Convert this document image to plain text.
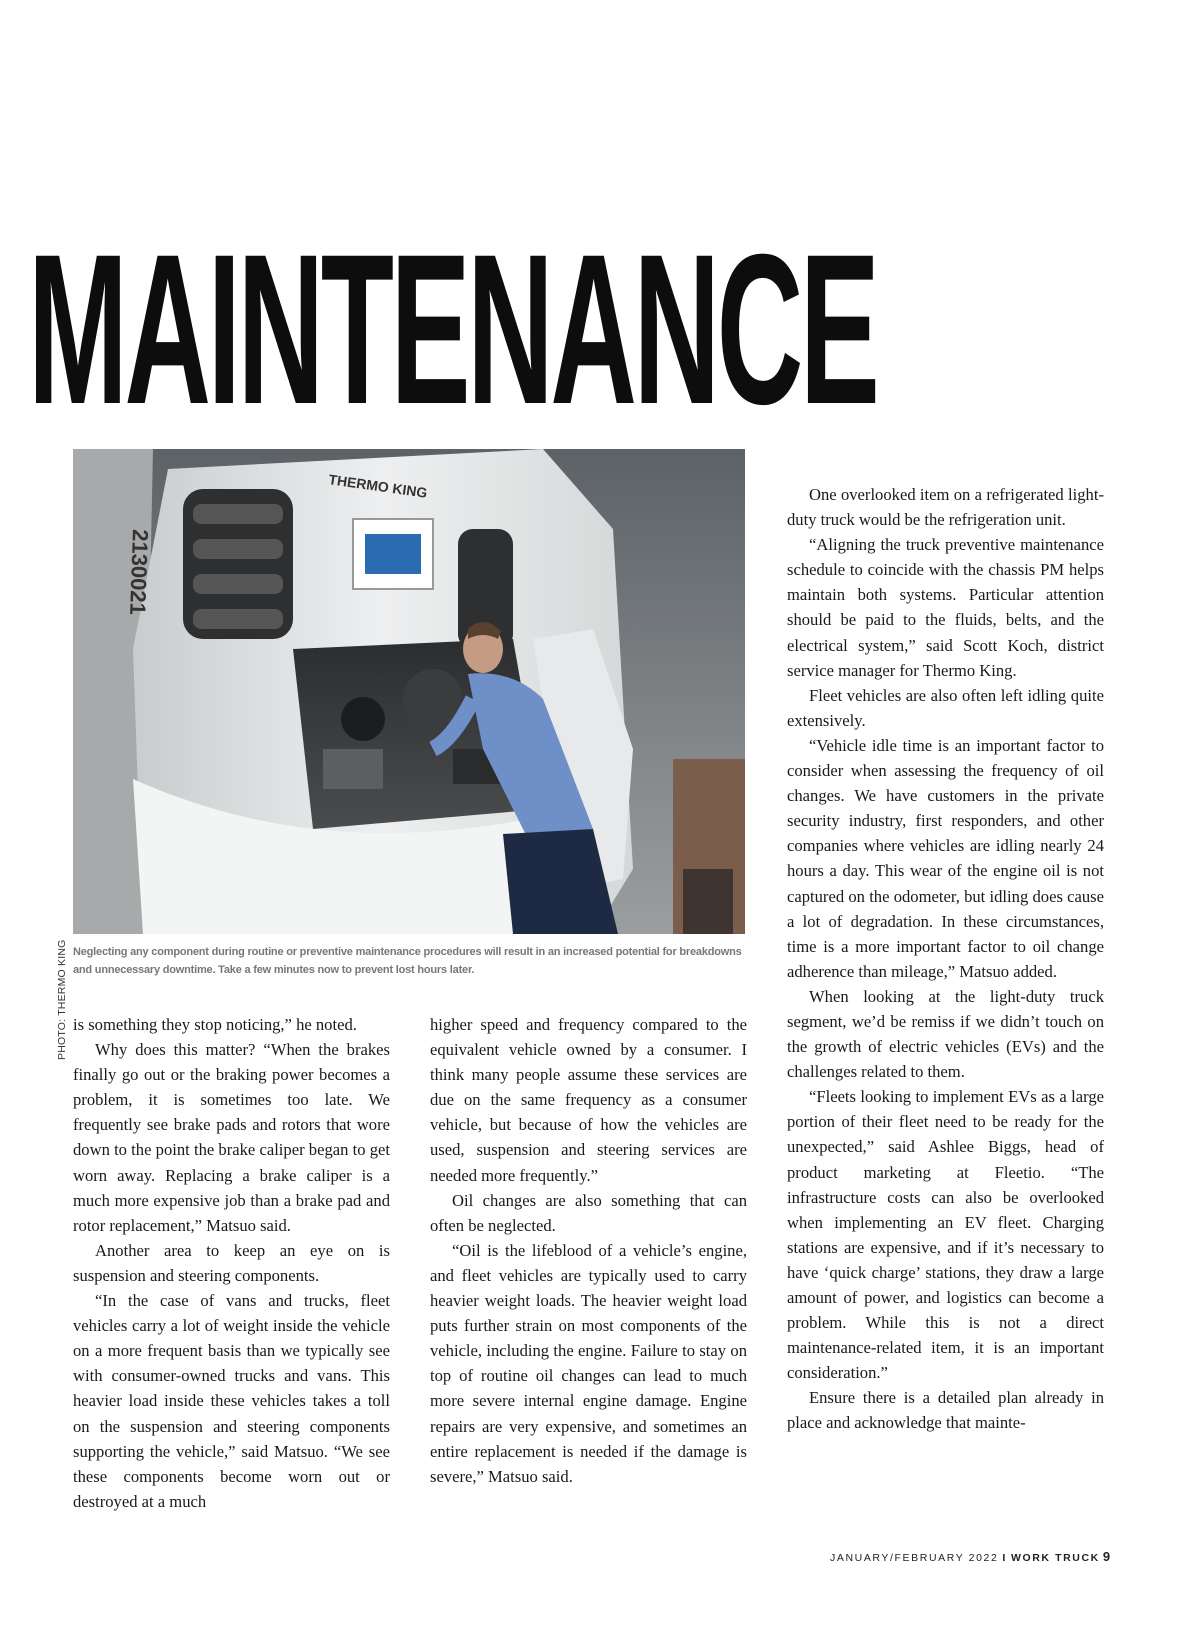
MAINTENANCE
THERMO KING
2130021
PHOTO: THERMO KING Neglecting any component during routine or preventive maintenance procedures will result in an increased potential for breakdowns and unnecessary downtime. Take a few minutes now to prevent lost hours later.

is something they stop noticing,” he noted.

Why does this matter? “When the brakes finally go out or the braking power becomes a problem, it is sometimes too late. We frequently see brake pads and rotors that wore down to the point the brake caliper began to get worn away. Replacing a brake caliper is a much more expensive job than a brake pad and rotor replacement,” Matsuo said.

Another area to keep an eye on is suspension and steering components.

“In the case of vans and trucks, fleet vehicles carry a lot of weight inside the vehicle on a more frequent basis than we typically see with consumer-owned trucks and vans. This heavier load inside these vehicles takes a toll on the suspension and steering components supporting the vehicle,” said Matsuo. “We see these components become worn out or destroyed at a much

higher speed and frequency compared to the equivalent vehicle owned by a consumer. I think many people assume these services are due on the same frequency as a consumer vehicle, but because of how the vehicles are used, suspension and steering services are needed more frequently.”

Oil changes are also something that can often be neglected.

“Oil is the lifeblood of a vehicle’s engine, and fleet vehicles are typically used to carry heavier weight loads. The heavier weight load puts further strain on most components of the vehicle, including the engine. Failure to stay on top of routine oil changes can lead to much more severe internal engine damage. Engine repairs are very expensive, and sometimes an entire replacement is needed if the damage is severe,” Matsuo said.

One overlooked item on a refrigerated light-duty truck would be the refrigeration unit.

“Aligning the truck preventive maintenance schedule to coincide with the chassis PM helps maintain both systems. Particular attention should be paid to the fluids, belts, and the electrical system,” said Scott Koch, district service manager for Thermo King.

Fleet vehicles are also often left idling quite extensively.

“Vehicle idle time is an important factor to consider when assessing the frequency of oil changes. We have customers in the private security industry, first responders, and other companies where vehicles are idling nearly 24 hours a day. This wear of the engine oil is not captured on the odometer, but idling does cause a lot of degradation. In these circumstances, time is a more important factor to oil change adherence than mileage,” Matsuo added.

When looking at the light-duty truck segment, we’d be remiss if we didn’t touch on the growth of electric vehicles (EVs) and the challenges related to them.

“Fleets looking to implement EVs as a large portion of their fleet need to be ready for the unexpected,” said Ashlee Biggs, head of product marketing at Fleetio. “The infrastructure costs can also be overlooked when implementing an EV fleet. Charging stations are expensive, and if it’s necessary to have ‘quick charge’ stations, they draw a large amount of power, and logistics can become a problem. While this is not a direct maintenance-related item, it is an important consideration.”

Ensure there is a detailed plan already in place and acknowledge that mainte-

JANUARY/FEBRUARY 2022 I WORK TRUCK 9
